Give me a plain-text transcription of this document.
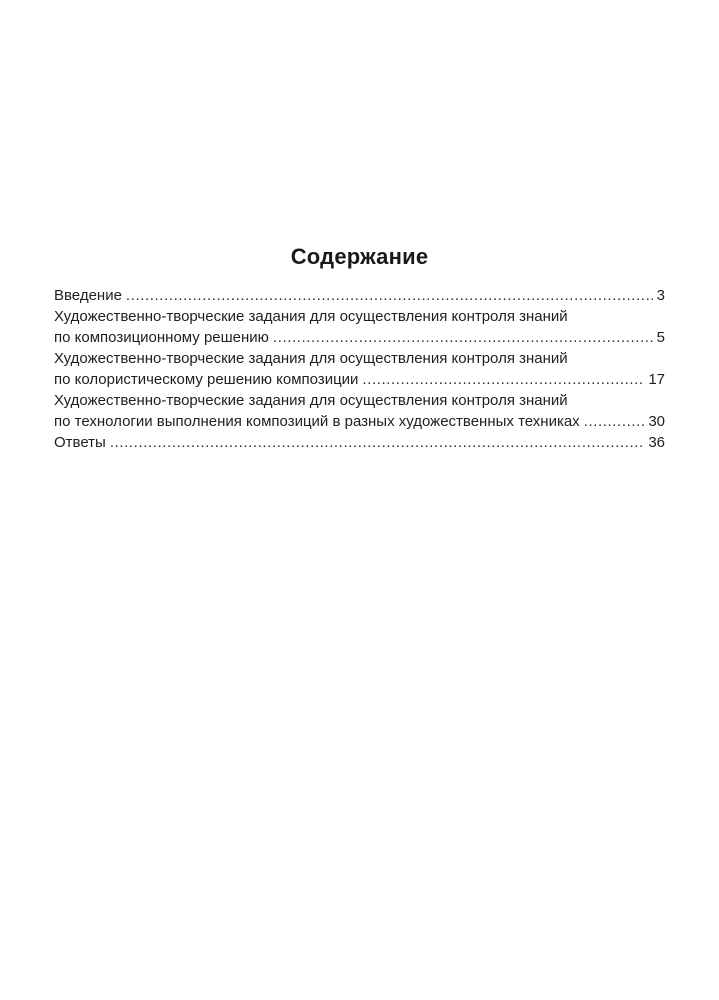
Содержание
Введение .....	3
Художественно-творческие задания для осуществления контроля знаний
по композиционному решению .....	5
Художественно-творческие задания для осуществления контроля знаний
по колористическому решению композиции .....	17
Художественно-творческие задания для осуществления контроля знаний
по технологии выполнения композиций в разных художественных техниках .....	30
Ответы .....	36
